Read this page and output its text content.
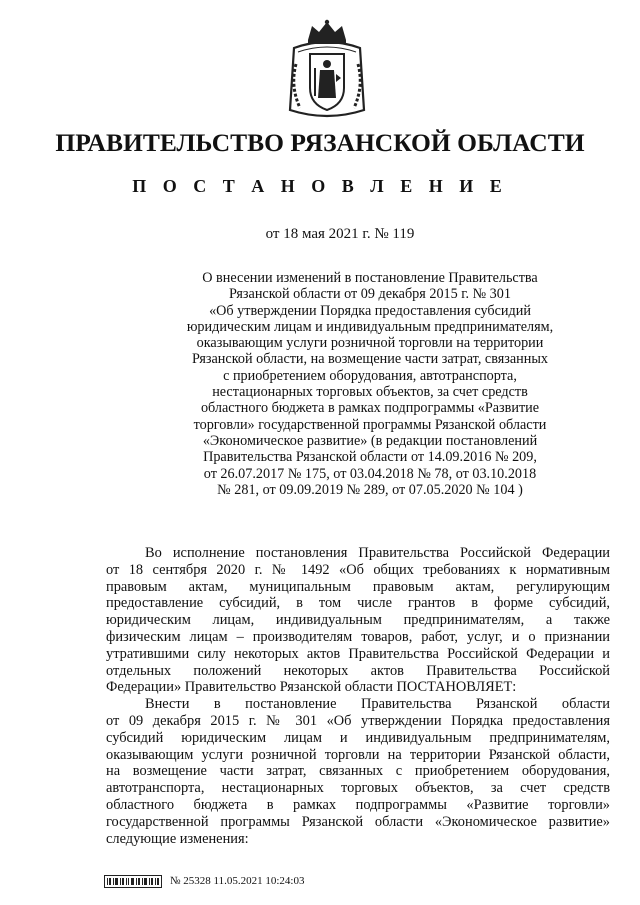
ПРАВИТЕЛЬСТВО РЯЗАНСКОЙ ОБЛАСТИ
П О С Т А Н О В Л Е Н И Е
от 18 мая 2021 г. № 119
О внесении изменений в постановление Правительства
Рязанской области от 09 декабря 2015 г. № 301
«Об утверждении Порядка предоставления субсидий
юридическим лицам и индивидуальным предпринимателям,
оказывающим услуги розничной торговли на территории
Рязанской области, на возмещение части затрат, связанных
с приобретением оборудования, автотранспорта,
нестационарных торговых объектов, за счет средств
областного бюджета в рамках подпрограммы «Развитие
торговли» государственной программы Рязанской области
«Экономическое развитие» (в редакции постановлений
Правительства Рязанской области от 14.09.2016 № 209,
от 26.07.2017 № 175, от 03.04.2018 № 78, от 03.10.2018
№ 281, от 09.09.2019 № 289, от 07.05.2020 № 104 )
Во исполнение постановления Правительства Российской Федерации
от 18 сентября 2020 г. № 1492 «Об общих требованиях к нормативным
правовым актам, муниципальным правовым актам, регулирующим
предоставление субсидий, в том числе грантов в форме субсидий,
юридическим лицам, индивидуальным предпринимателям, а также
физическим лицам – производителям товаров, работ, услуг, и о признании
утратившими силу некоторых актов Правительства Российской Федерации и
отдельных положений некоторых актов Правительства Российской
Федерации» Правительство Рязанской области ПОСТАНОВЛЯЕТ:
Внести в постановление Правительства Рязанской области
от 09 декабря 2015 г. № 301 «Об утверждении Порядка предоставления
субсидий юридическим лицам и индивидуальным предпринимателям,
оказывающим услуги розничной торговли на территории Рязанской области,
на возмещение части затрат, связанных с приобретением оборудования,
автотранспорта, нестационарных торговых объектов, за счет средств
областного бюджета в рамках подпрограммы «Развитие торговли»
государственной программы Рязанской области «Экономическое развитие»
следующие изменения:
№ 25328 11.05.2021 10:24:03
